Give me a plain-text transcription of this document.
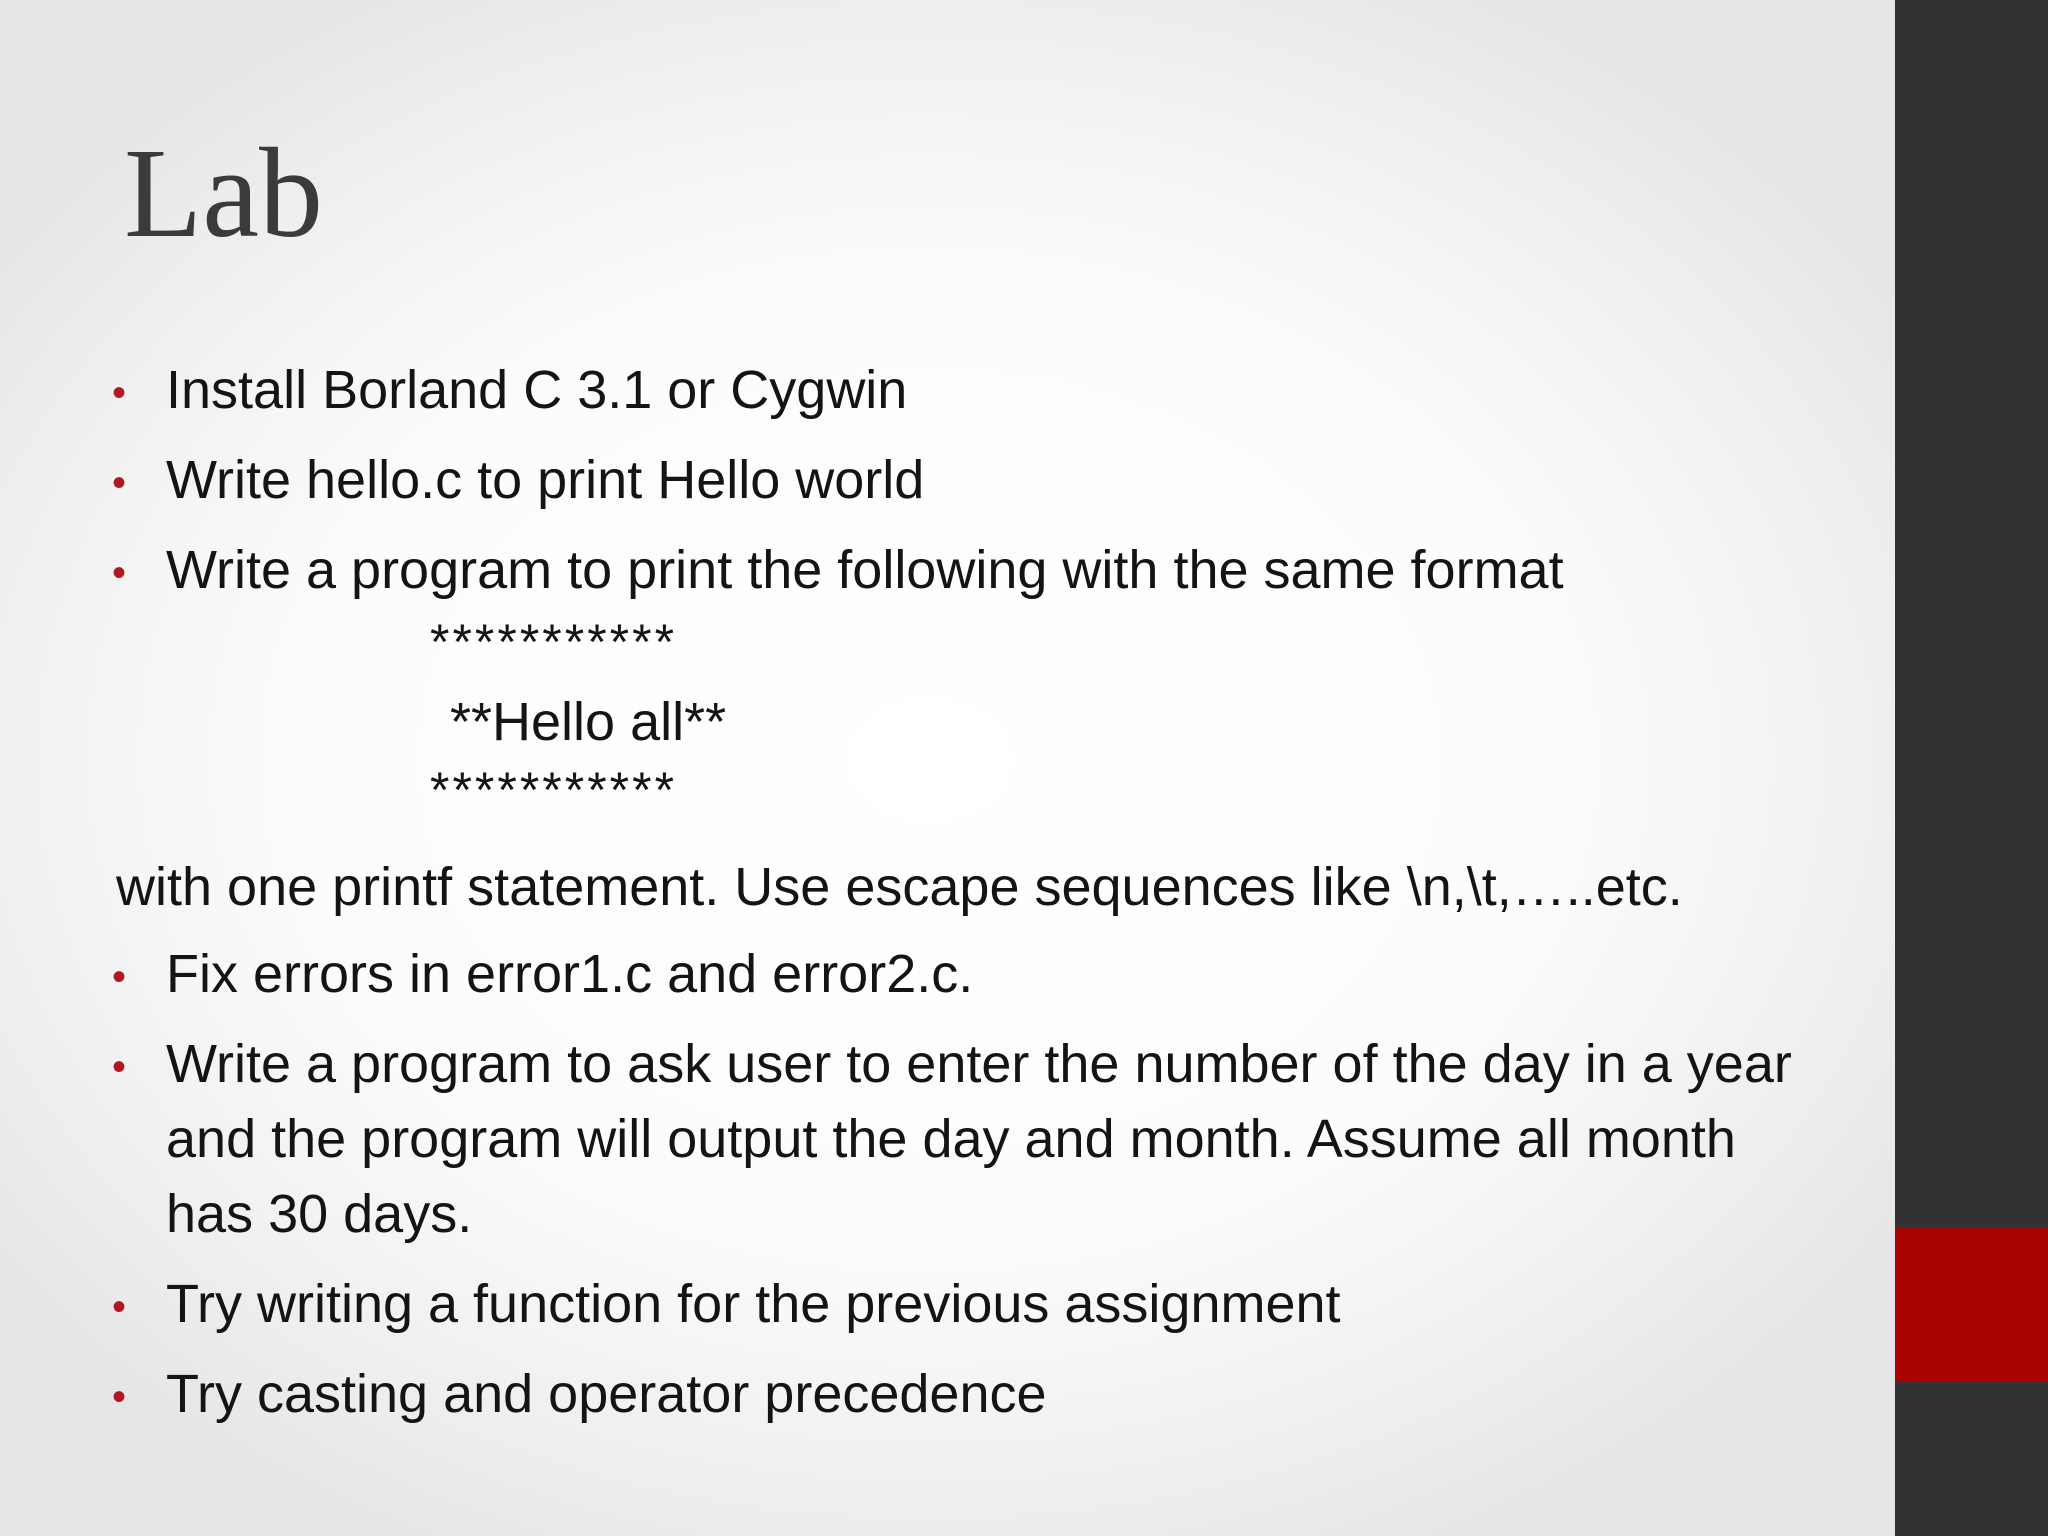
Lab
• Install Borland C 3.1 or Cygwin
• Write hello.c to print Hello world
• Write a program to print the following with the same format
***********
**Hello all**
***********
with one printf statement. Use escape sequences like \n,\t,…..etc.
• Fix errors in error1.c and error2.c.
• Write a program to ask user to enter the number of the day in a year and the program will output the day and month. Assume all month has 30 days.
• Try writing a function for the previous assignment
• Try casting and operator precedence
